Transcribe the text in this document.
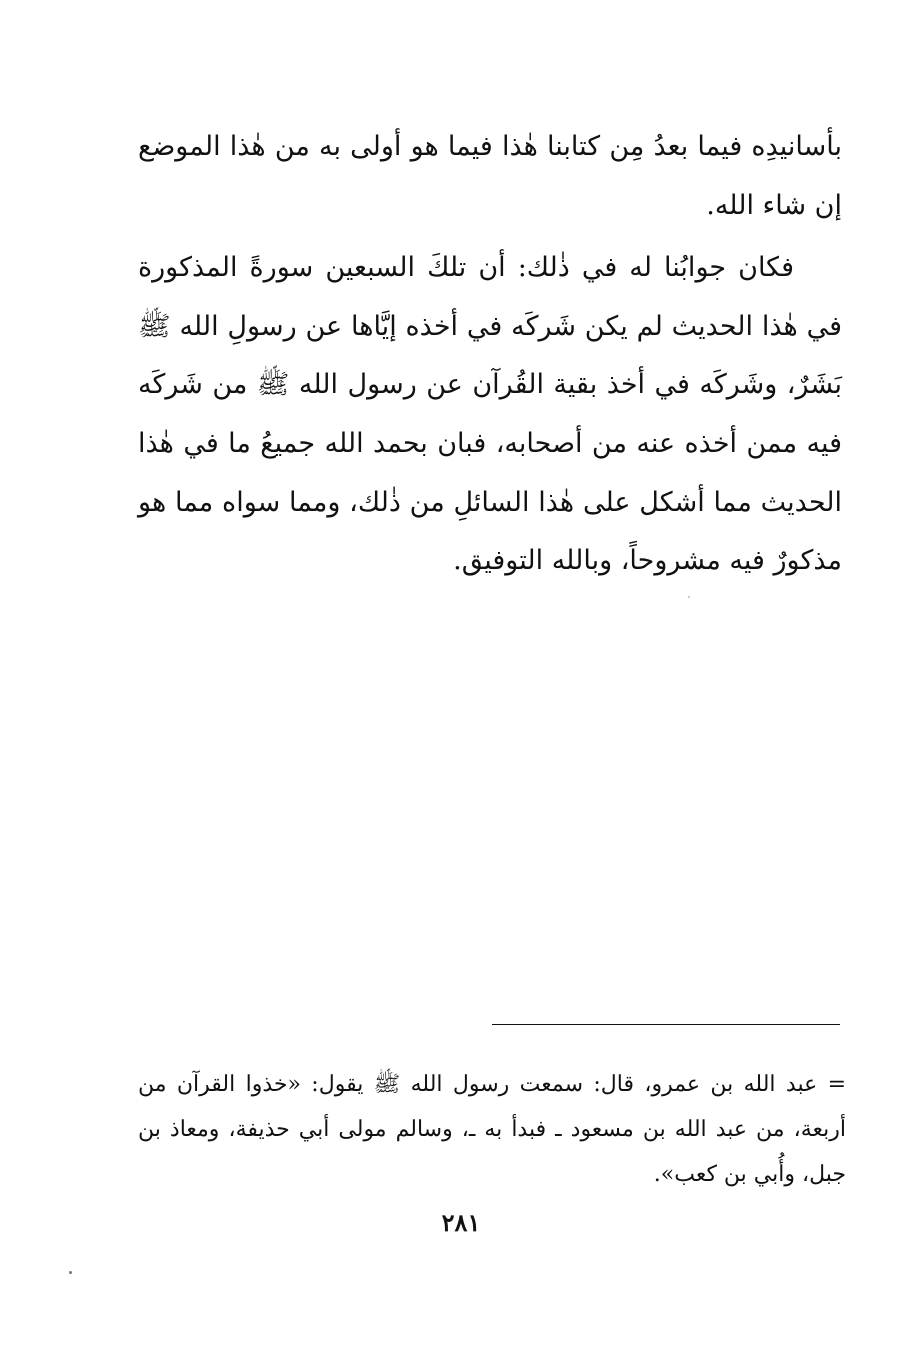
بأسانيدِه فيما بعدُ مِن كتابنا هٰذا فيما هو أولى به من هٰذا الموضع إن شاء الله.

فكان جوابُنا له في ذٰلك: أن تلكَ السبعين سورةً المذكورة في هٰذا الحديث لم يكن شَركَه في أخذه إيَّاها عن رسولِ الله ﷺ بَشَرٌ، وشَركَه في أخذ بقية القُرآن عن رسول الله ﷺ من شَركَه فيه ممن أخذه عنه من أصحابه، فبان بحمد الله جميعُ ما في هٰذا الحديث مما أشكل على هٰذا السائلِ من ذٰلك، ومما سواه مما هو مذكورٌ فيه مشروحاً، وبالله التوفيق.

= عبد الله بن عمرو، قال: سمعت رسول الله ﷺ يقول: «خذوا القرآن من أربعة، من عبد الله بن مسعود ـ فبدأ به ـ، وسالم مولى أبي حذيفة، ومعاذ بن جبل، وأُبي بن كعب».

٢٨١
